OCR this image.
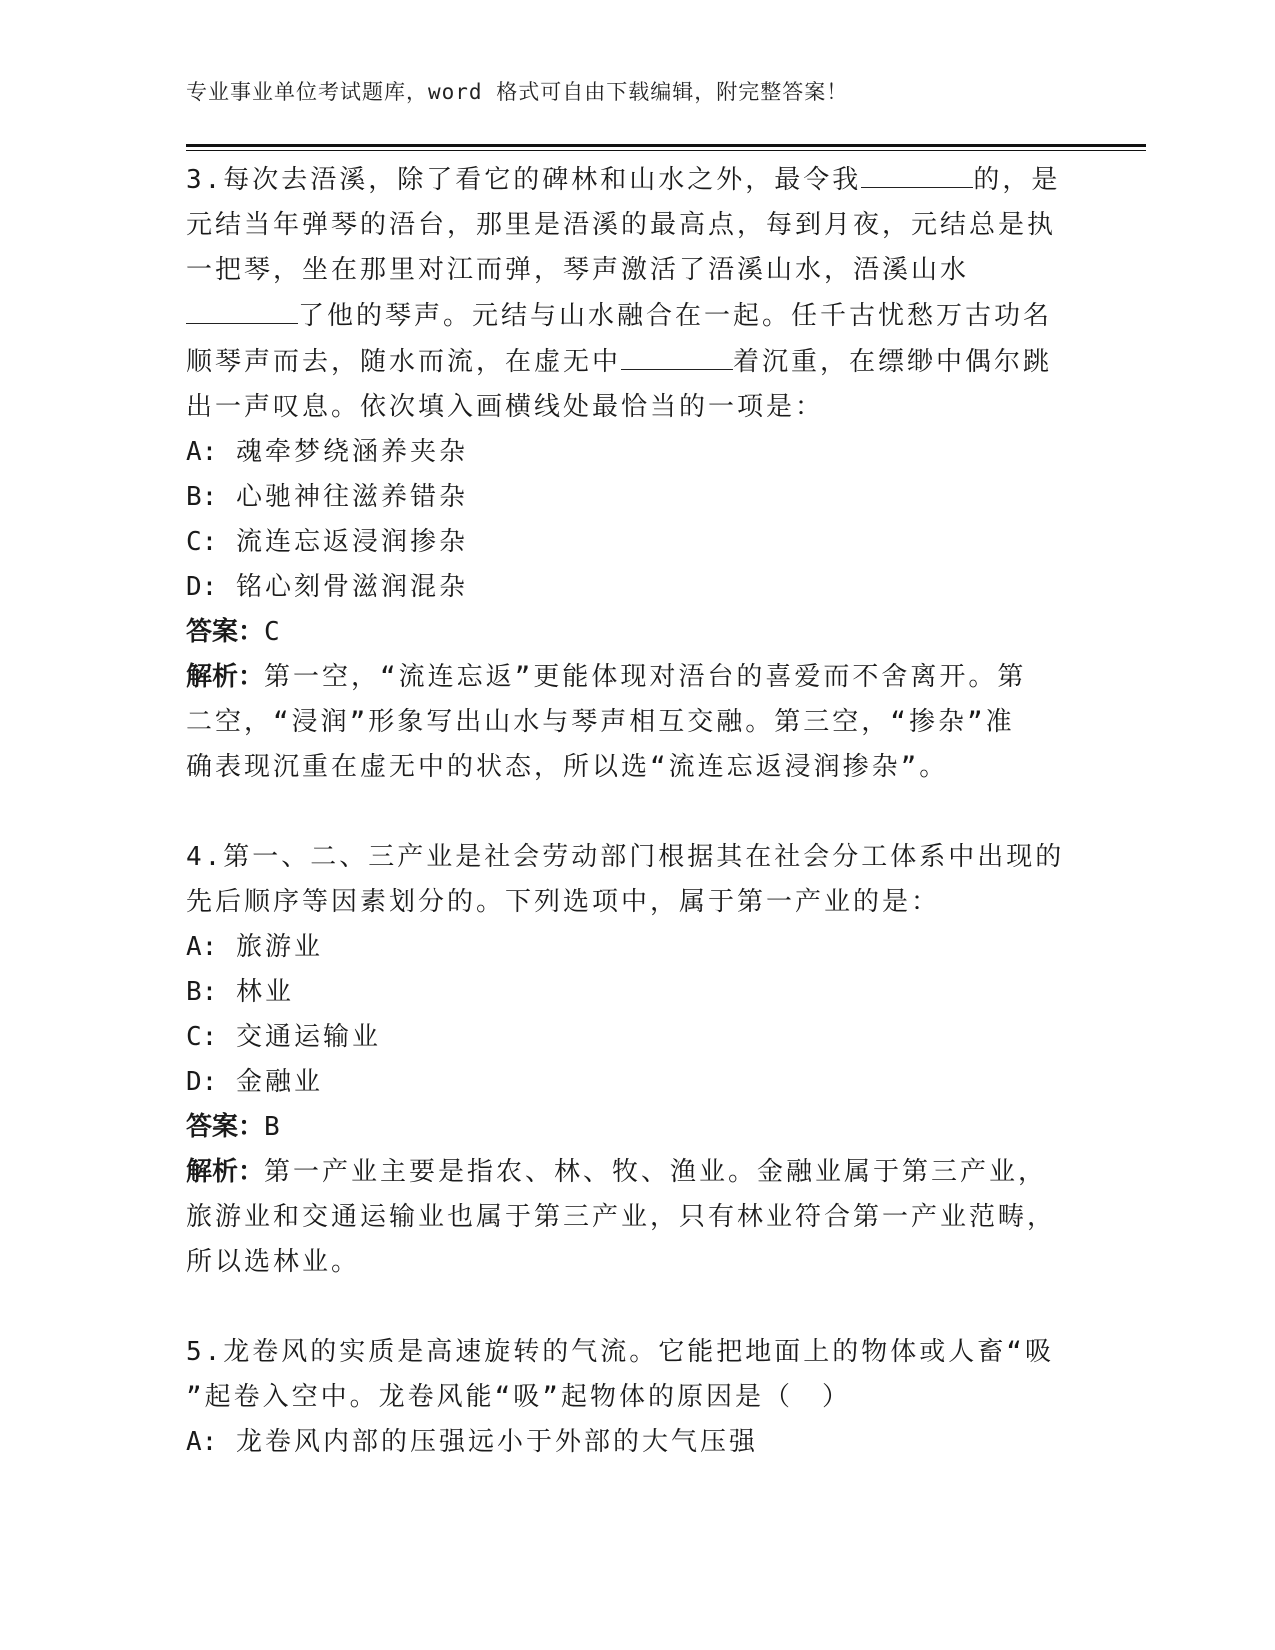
专业事业单位考试题库，word 格式可自由下载编辑，附完整答案！
3.每次去浯溪，除了看它的碑林和山水之外，最令我	的，是
元结当年弹琴的浯台，那里是浯溪的最高点，每到月夜，元结总是执
一把琴，坐在那里对江而弹，琴声激活了浯溪山水，浯溪山水
了他的琴声。元结与山水融合在一起。任千古忧愁万古功名
顺琴声而去，随水而流，在虚无中	着沉重，在缥缈中偶尔跳
出一声叹息。依次填入画横线处最恰当的一项是：
A: 魂牵梦绕涵养夹杂
B: 心驰神往滋养错杂
C: 流连忘返浸润掺杂
D: 铭心刻骨滋润混杂
答案：C
解析：第一空，“流连忘返”更能体现对浯台的喜爱而不舍离开。第
二空，“浸润”形象写出山水与琴声相互交融。第三空，“掺杂”准
确表现沉重在虚无中的状态，所以选“流连忘返浸润掺杂”。
4.第一、二、三产业是社会劳动部门根据其在社会分工体系中出现的
先后顺序等因素划分的。下列选项中，属于第一产业的是：
A: 旅游业
B: 林业
C: 交通运输业
D: 金融业
答案：B
解析：第一产业主要是指农、林、牧、渔业。金融业属于第三产业，
旅游业和交通运输业也属于第三产业，只有林业符合第一产业范畴，
所以选林业。
5.龙卷风的实质是高速旋转的气流。它能把地面上的物体或人畜“吸
”起卷入空中。龙卷风能“吸”起物体的原因是（　）
A: 龙卷风内部的压强远小于外部的大气压强
